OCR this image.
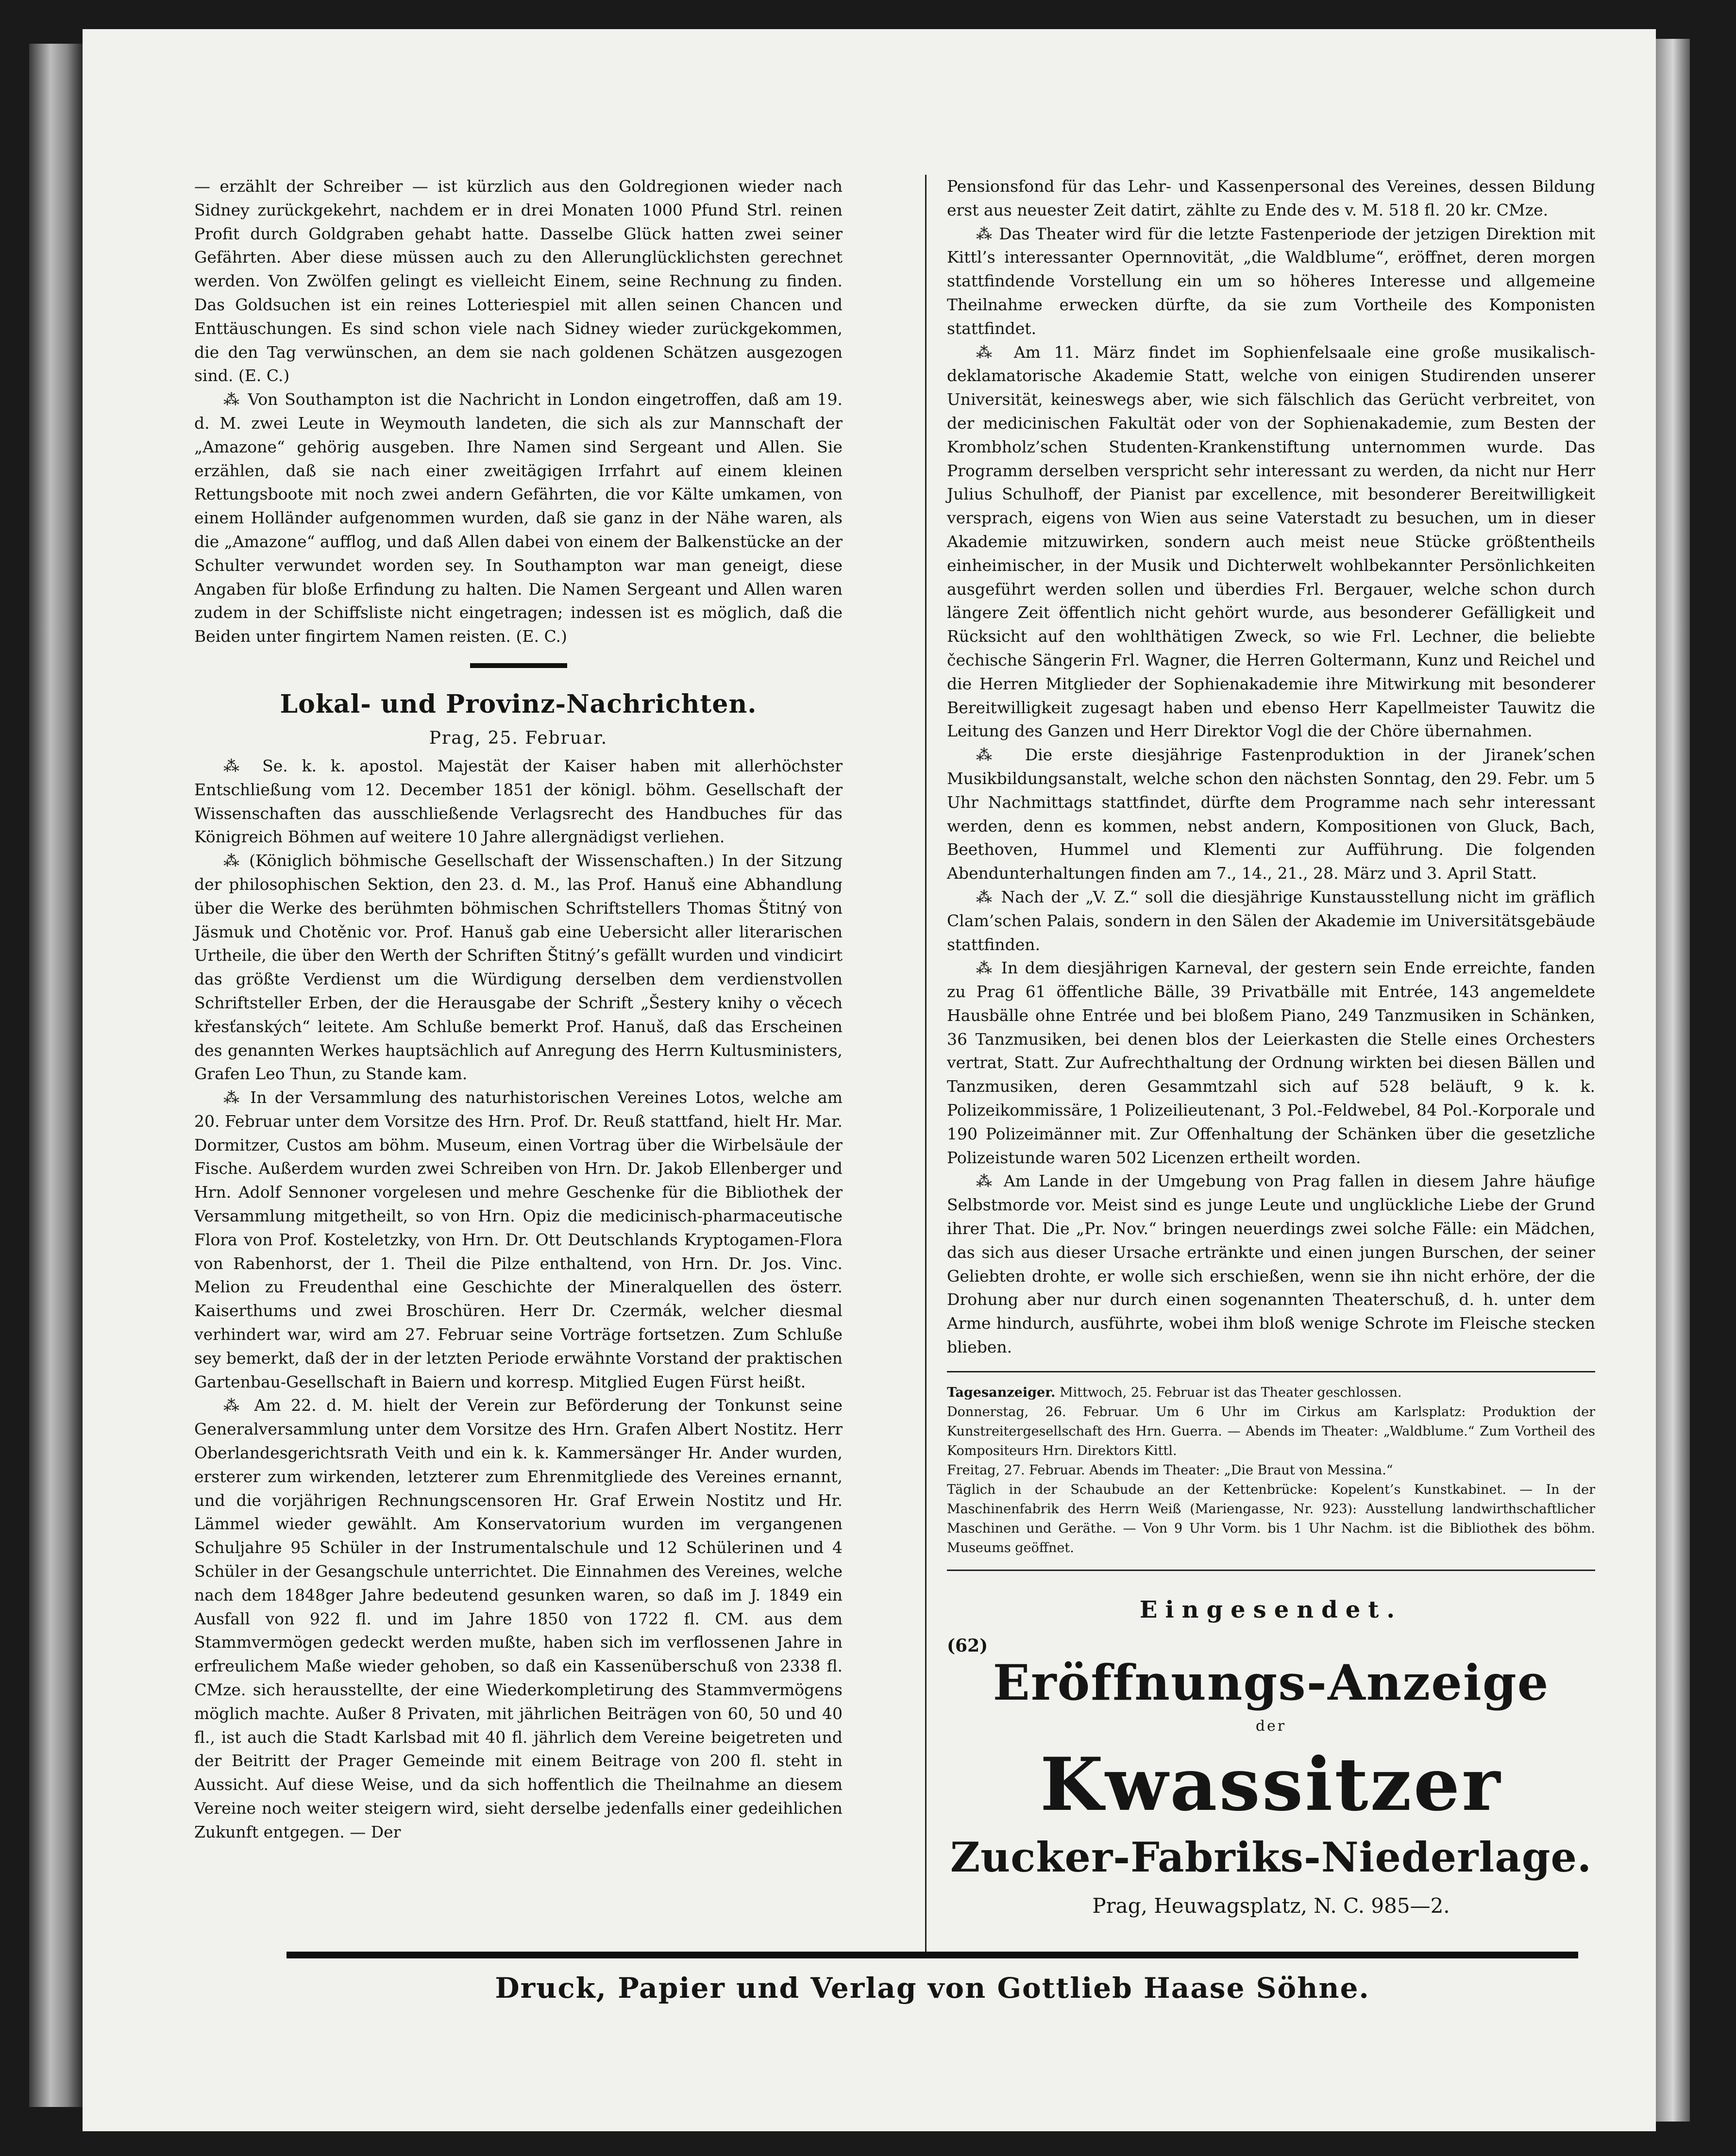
— erzählt der Schreiber — ist kürzlich aus den Goldregionen wieder nach Sidney zurückgekehrt, nachdem er in drei Monaten 1000 Pfund Strl. reinen Profit durch Goldgraben gehabt hatte. Dasselbe Glück hatten zwei seiner Gefährten. Aber diese müssen auch zu den Allerunglücklichsten gerechnet werden. Von Zwölfen gelingt es vielleicht Einem, seine Rechnung zu finden. Das Goldsuchen ist ein reines Lotteriespiel mit allen seinen Chancen und Enttäuschungen. Es sind schon viele nach Sidney wieder zurückgekommen, die den Tag verwünschen, an dem sie nach goldenen Schätzen ausgezogen sind. (E. C.)

⁂ Von Southampton ist die Nachricht in London eingetroffen, daß am 19. d. M. zwei Leute in Weymouth landeten, die sich als zur Mannschaft der „Amazone“ gehörig ausgeben. Ihre Namen sind Sergeant und Allen. Sie erzählen, daß sie nach einer zweitägigen Irrfahrt auf einem kleinen Rettungsboote mit noch zwei andern Gefährten, die vor Kälte umkamen, von einem Holländer aufgenommen wurden, daß sie ganz in der Nähe waren, als die „Amazone“ aufflog, und daß Allen dabei von einem der Balkenstücke an der Schulter verwundet worden sey. In Southampton war man geneigt, diese Angaben für bloße Erfindung zu halten. Die Namen Sergeant und Allen waren zudem in der Schiffsliste nicht eingetragen; indessen ist es möglich, daß die Beiden unter fingirtem Namen reisten. (E. C.)

Lokal- und Provinz-Nachrichten.
Prag, 25. Februar.

⁂ Se. k. k. apostol. Majestät der Kaiser haben mit allerhöchster Entschließung vom 12. December 1851 der königl. böhm. Gesellschaft der Wissenschaften das ausschließende Verlagsrecht des Handbuches für das Königreich Böhmen auf weitere 10 Jahre allergnädigst verliehen.

⁂ (Königlich böhmische Gesellschaft der Wissenschaften.) In der Sitzung der philosophischen Sektion, den 23. d. M., las Prof. Hanuš eine Abhandlung über die Werke des berühmten böhmischen Schriftstellers Thomas Štitný von Jäsmuk und Chotěnic vor. Prof. Hanuš gab eine Uebersicht aller literarischen Urtheile, die über den Werth der Schriften Štitný’s gefällt wurden und vindicirt das größte Verdienst um die Würdigung derselben dem verdienstvollen Schriftsteller Erben, der die Herausgabe der Schrift „Šestery knihy o věcech křesťanských“ leitete. Am Schluße bemerkt Prof. Hanuš, daß das Erscheinen des genannten Werkes hauptsächlich auf Anregung des Herrn Kultusministers, Grafen Leo Thun, zu Stande kam.

⁂ In der Versammlung des naturhistorischen Vereines Lotos, welche am 20. Februar unter dem Vorsitze des Hrn. Prof. Dr. Reuß stattfand, hielt Hr. Mar. Dormitzer, Custos am böhm. Museum, einen Vortrag über die Wirbelsäule der Fische. Außerdem wurden zwei Schreiben von Hrn. Dr. Jakob Ellenberger und Hrn. Adolf Sennoner vorgelesen und mehre Geschenke für die Bibliothek der Versammlung mitgetheilt, so von Hrn. Opiz die medicinisch-pharmaceutische Flora von Prof. Kosteletzky, von Hrn. Dr. Ott Deutschlands Kryptogamen-Flora von Rabenhorst, der 1. Theil die Pilze enthaltend, von Hrn. Dr. Jos. Vinc. Melion zu Freudenthal eine Geschichte der Mineralquellen des österr. Kaiserthums und zwei Broschüren. Herr Dr. Czermák, welcher diesmal verhindert war, wird am 27. Februar seine Vorträge fortsetzen. Zum Schluße sey bemerkt, daß der in der letzten Periode erwähnte Vorstand der praktischen Gartenbau-Gesellschaft in Baiern und korresp. Mitglied Eugen Fürst heißt.

⁂ Am 22. d. M. hielt der Verein zur Beförderung der Tonkunst seine Generalversammlung unter dem Vorsitze des Hrn. Grafen Albert Nostitz. Herr Oberlandesgerichtsrath Veith und ein k. k. Kammersänger Hr. Ander wurden, ersterer zum wirkenden, letzterer zum Ehrenmitgliede des Vereines ernannt, und die vorjährigen Rechnungscensoren Hr. Graf Erwein Nostitz und Hr. Lämmel wieder gewählt. Am Konservatorium wurden im vergangenen Schuljahre 95 Schüler in der Instrumentalschule und 12 Schülerinen und 4 Schüler in der Gesangschule unterrichtet. Die Einnahmen des Vereines, welche nach dem 1848ger Jahre bedeutend gesunken waren, so daß im J. 1849 ein Ausfall von 922 fl. und im Jahre 1850 von 1722 fl. CM. aus dem Stammvermögen gedeckt werden mußte, haben sich im verflossenen Jahre in erfreulichem Maße wieder gehoben, so daß ein Kassenüberschuß von 2338 fl. CMze. sich herausstellte, der eine Wiederkompletirung des Stammvermögens möglich machte. Außer 8 Privaten, mit jährlichen Beiträgen von 60, 50 und 40 fl., ist auch die Stadt Karlsbad mit 40 fl. jährlich dem Vereine beigetreten und der Beitritt der Prager Gemeinde mit einem Beitrage von 200 fl. steht in Aussicht. Auf diese Weise, und da sich hoffentlich die Theilnahme an diesem Vereine noch weiter steigern wird, sieht derselbe jedenfalls einer gedeihlichen Zukunft entgegen. — Der

Pensionsfond für das Lehr- und Kassenpersonal des Vereines, dessen Bildung erst aus neuester Zeit datirt, zählte zu Ende des v. M. 518 fl. 20 kr. CMze.

⁂ Das Theater wird für die letzte Fastenperiode der jetzigen Direktion mit Kittl’s interessanter Opernnovität, „die Waldblume“, eröffnet, deren morgen stattfindende Vorstellung ein um so höheres Interesse und allgemeine Theilnahme erwecken dürfte, da sie zum Vortheile des Komponisten stattfindet.

⁂ Am 11. März findet im Sophienfelsaale eine große musikalisch-deklamatorische Akademie Statt, welche von einigen Studirenden unserer Universität, keineswegs aber, wie sich fälschlich das Gerücht verbreitet, von der medicinischen Fakultät oder von der Sophienakademie, zum Besten der Krombholz’schen Studenten-Krankenstiftung unternommen wurde. Das Programm derselben verspricht sehr interessant zu werden, da nicht nur Herr Julius Schulhoff, der Pianist par excellence, mit besonderer Bereitwilligkeit versprach, eigens von Wien aus seine Vaterstadt zu besuchen, um in dieser Akademie mitzuwirken, sondern auch meist neue Stücke größtentheils einheimischer, in der Musik und Dichterwelt wohlbekannter Persönlichkeiten ausgeführt werden sollen und überdies Frl. Bergauer, welche schon durch längere Zeit öffentlich nicht gehört wurde, aus besonderer Gefälligkeit und Rücksicht auf den wohlthätigen Zweck, so wie Frl. Lechner, die beliebte čechische Sängerin Frl. Wagner, die Herren Goltermann, Kunz und Reichel und die Herren Mitglieder der Sophienakademie ihre Mitwirkung mit besonderer Bereitwilligkeit zugesagt haben und ebenso Herr Kapellmeister Tauwitz die Leitung des Ganzen und Herr Direktor Vogl die der Chöre übernahmen.

⁂ Die erste diesjährige Fastenproduktion in der Jiranek’schen Musikbildungsanstalt, welche schon den nächsten Sonntag, den 29. Febr. um 5 Uhr Nachmittags stattfindet, dürfte dem Programme nach sehr interessant werden, denn es kommen, nebst andern, Kompositionen von Gluck, Bach, Beethoven, Hummel und Klementi zur Aufführung. Die folgenden Abendunterhaltungen finden am 7., 14., 21., 28. März und 3. April Statt.

⁂ Nach der „V. Z.“ soll die diesjährige Kunstausstellung nicht im gräflich Clam’schen Palais, sondern in den Sälen der Akademie im Universitätsgebäude stattfinden.

⁂ In dem diesjährigen Karneval, der gestern sein Ende erreichte, fanden zu Prag 61 öffentliche Bälle, 39 Privatbälle mit Entrée, 143 angemeldete Hausbälle ohne Entrée und bei bloßem Piano, 249 Tanzmusiken in Schänken, 36 Tanzmusiken, bei denen blos der Leierkasten die Stelle eines Orchesters vertrat, Statt. Zur Aufrechthaltung der Ordnung wirkten bei diesen Bällen und Tanzmusiken, deren Gesammtzahl sich auf 528 beläuft, 9 k. k. Polizeikommissäre, 1 Polizeilieutenant, 3 Pol.-Feldwebel, 84 Pol.-Korporale und 190 Polizeimänner mit. Zur Offenhaltung der Schänken über die gesetzliche Polizeistunde waren 502 Licenzen ertheilt worden.

⁂ Am Lande in der Umgebung von Prag fallen in diesem Jahre häufige Selbstmorde vor. Meist sind es junge Leute und unglückliche Liebe der Grund ihrer That. Die „Pr. Nov.“ bringen neuerdings zwei solche Fälle: ein Mädchen, das sich aus dieser Ursache ertränkte und einen jungen Burschen, der seiner Geliebten drohte, er wolle sich erschießen, wenn sie ihn nicht erhöre, der die Drohung aber nur durch einen sogenannten Theaterschuß, d. h. unter dem Arme hindurch, ausführte, wobei ihm bloß wenige Schrote im Fleische stecken blieben.

Tagesanzeiger. Mittwoch, 25. Februar ist das Theater geschlossen.

Donnerstag, 26. Februar. Um 6 Uhr im Cirkus am Karlsplatz: Produktion der Kunstreitergesellschaft des Hrn. Guerra. — Abends im Theater: „Waldblume.“ Zum Vortheil des Kompositeurs Hrn. Direktors Kittl.

Freitag, 27. Februar. Abends im Theater: „Die Braut von Messina.“

Täglich in der Schaubude an der Kettenbrücke: Kopelent’s Kunstkabinet. — In der Maschinenfabrik des Herrn Weiß (Mariengasse, Nr. 923): Ausstellung landwirthschaftlicher Maschinen und Geräthe. — Von 9 Uhr Vorm. bis 1 Uhr Nachm. ist die Bibliothek des böhm. Museums geöffnet.

Eingesendet.
(62)
Eröffnungs-Anzeige
der
Kwassitzer
Zucker-Fabriks-Niederlage.
Prag, Heuwagsplatz, N. C. 985—2.
Druck, Papier und Verlag von Gottlieb Haase Söhne.
